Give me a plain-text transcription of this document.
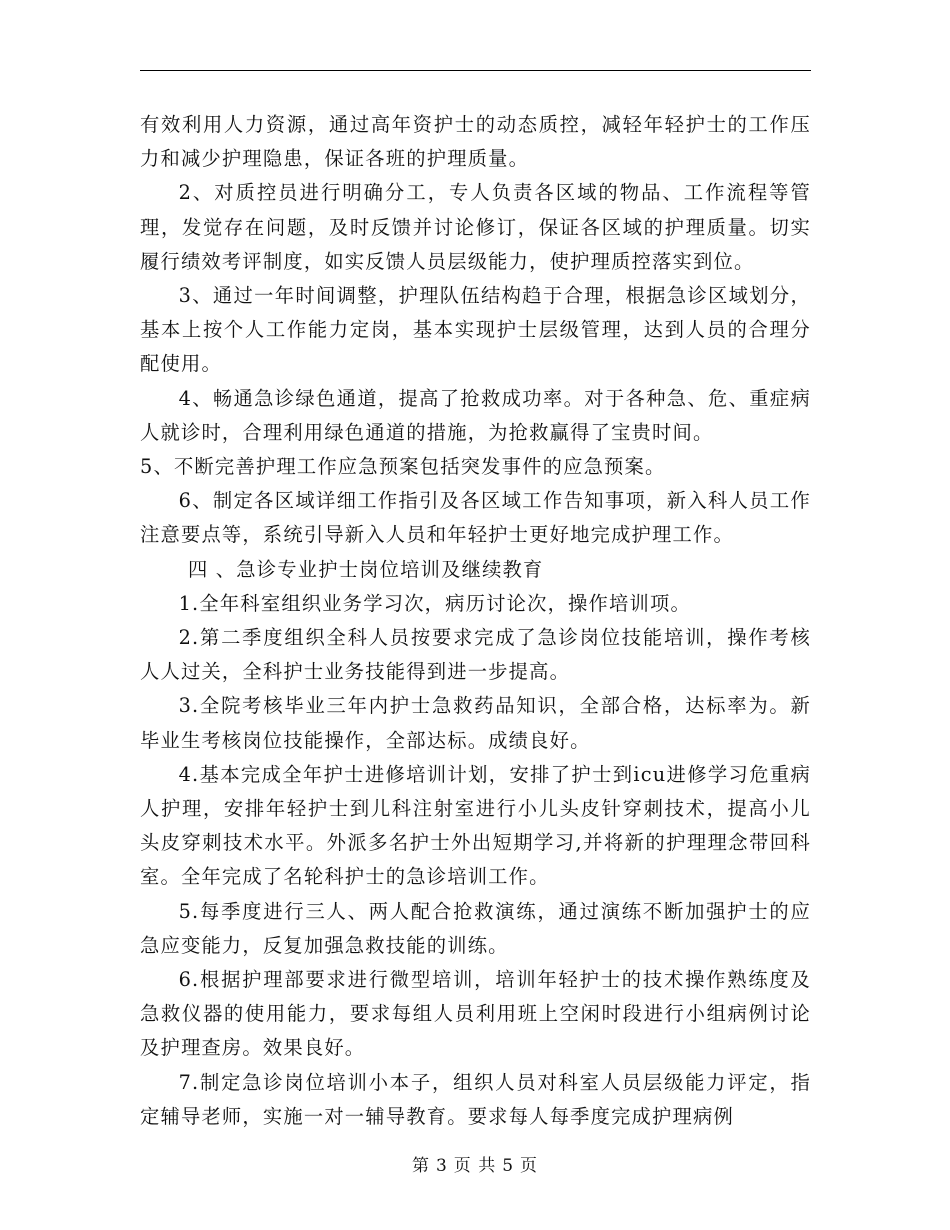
有效利用人力资源，通过高年资护士的动态质控，减轻年轻护士的工作压力和减少护理隐患，保证各班的护理质量。

2、对质控员进行明确分工，专人负责各区域的物品、工作流程等管理，发觉存在问题，及时反馈并讨论修订，保证各区域的护理质量。切实履行绩效考评制度，如实反馈人员层级能力，使护理质控落实到位。

3、通过一年时间调整，护理队伍结构趋于合理，根据急诊区域划分，基本上按个人工作能力定岗，基本实现护士层级管理，达到人员的合理分配使用。

4、畅通急诊绿色通道，提高了抢救成功率。对于各种急、危、重症病人就诊时，合理利用绿色通道的措施，为抢救赢得了宝贵时间。

5、不断完善护理工作应急预案包括突发事件的应急预案。

6、制定各区域详细工作指引及各区域工作告知事项，新入科人员工作注意要点等，系统引导新入人员和年轻护士更好地完成护理工作。

四 、急诊专业护士岗位培训及继续教育

1.全年科室组织业务学习次，病历讨论次，操作培训项。

2.第二季度组织全科人员按要求完成了急诊岗位技能培训，操作考核人人过关，全科护士业务技能得到进一步提高。

3.全院考核毕业三年内护士急救药品知识，全部合格，达标率为。新毕业生考核岗位技能操作，全部达标。成绩良好。

4.基本完成全年护士进修培训计划，安排了护士到icu进修学习危重病人护理，安排年轻护士到儿科注射室进行小儿头皮针穿刺技术，提高小儿头皮穿刺技术水平。外派多名护士外出短期学习,并将新的护理理念带回科室。全年完成了名轮科护士的急诊培训工作。

5.每季度进行三人、两人配合抢救演练，通过演练不断加强护士的应急应变能力，反复加强急救技能的训练。

6.根据护理部要求进行微型培训，培训年轻护士的技术操作熟练度及急救仪器的使用能力，要求每组人员利用班上空闲时段进行小组病例讨论及护理查房。效果良好。

7.制定急诊岗位培训小本子，组织人员对科室人员层级能力评定，指定辅导老师，实施一对一辅导教育。要求每人每季度完成护理病例

第 3 页 共 5 页
